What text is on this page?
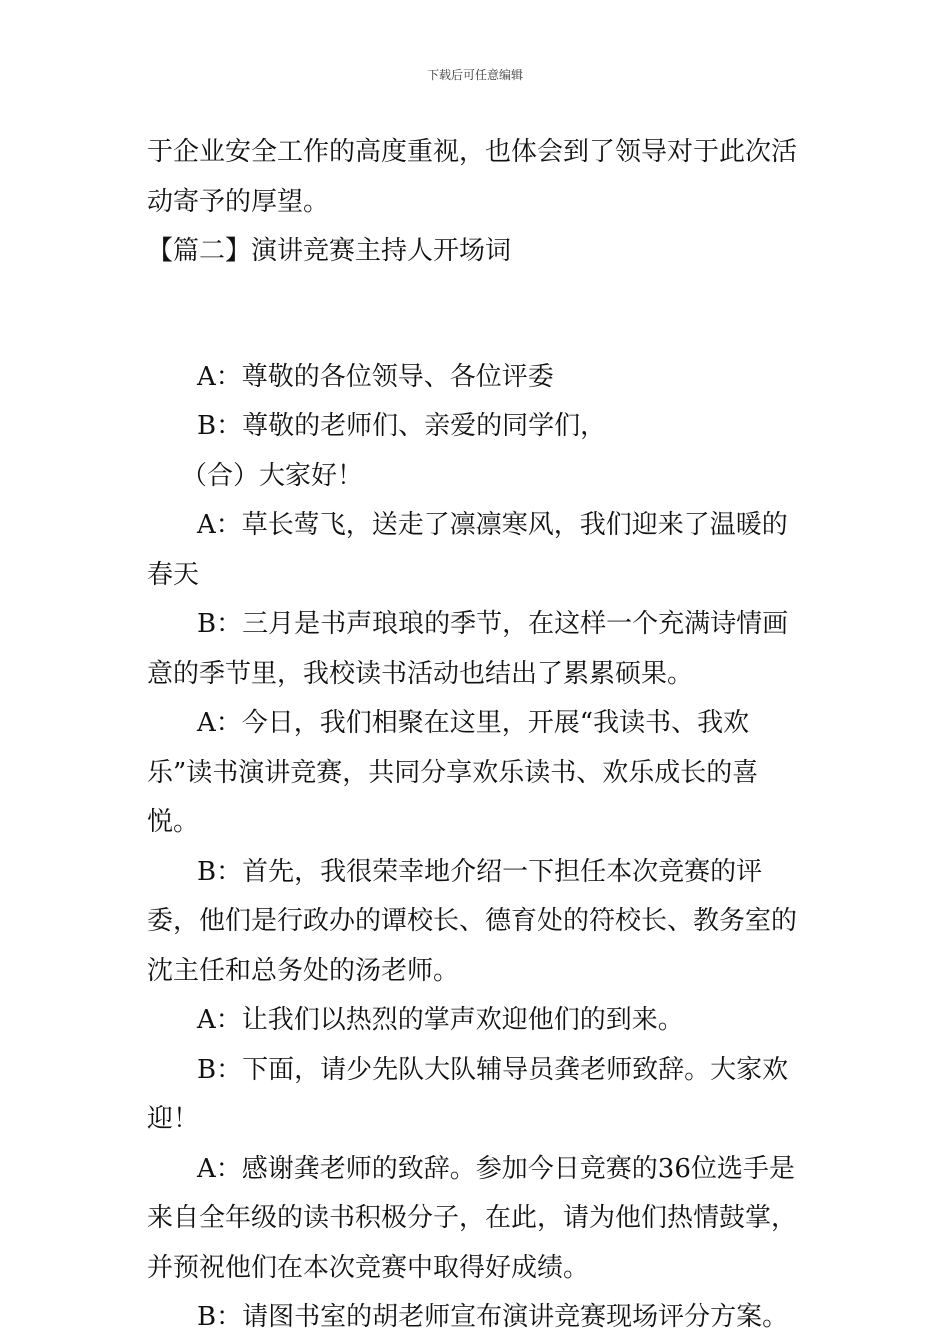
下载后可任意编辑

于企业安全工作的高度重视，也体会到了领导对于此次活动寄予的厚望。

【篇二】演讲竞赛主持人开场词

A：尊敬的各位领导、各位评委

B：尊敬的老师们、亲爱的同学们，

（合）大家好！

A：草长莺飞，送走了凛凛寒风，我们迎来了温暖的春天

B：三月是书声琅琅的季节，在这样一个充满诗情画意的季节里，我校读书活动也结出了累累硕果。

A：今日，我们相聚在这里，开展“我读书、我欢乐”读书演讲竞赛，共同分享欢乐读书、欢乐成长的喜悦。

B：首先，我很荣幸地介绍一下担任本次竞赛的评委，他们是行政办的谭校长、德育处的符校长、教务室的沈主任和总务处的汤老师。

A：让我们以热烈的掌声欢迎他们的到来。

B：下面，请少先队大队辅导员龚老师致辞。大家欢迎！

A：感谢龚老师的致辞。参加今日竞赛的36位选手是来自全年级的读书积极分子，在此，请为他们热情鼓掌，并预祝他们在本次竞赛中取得好成绩。

B：请图书室的胡老师宣布演讲竞赛现场评分方案。
